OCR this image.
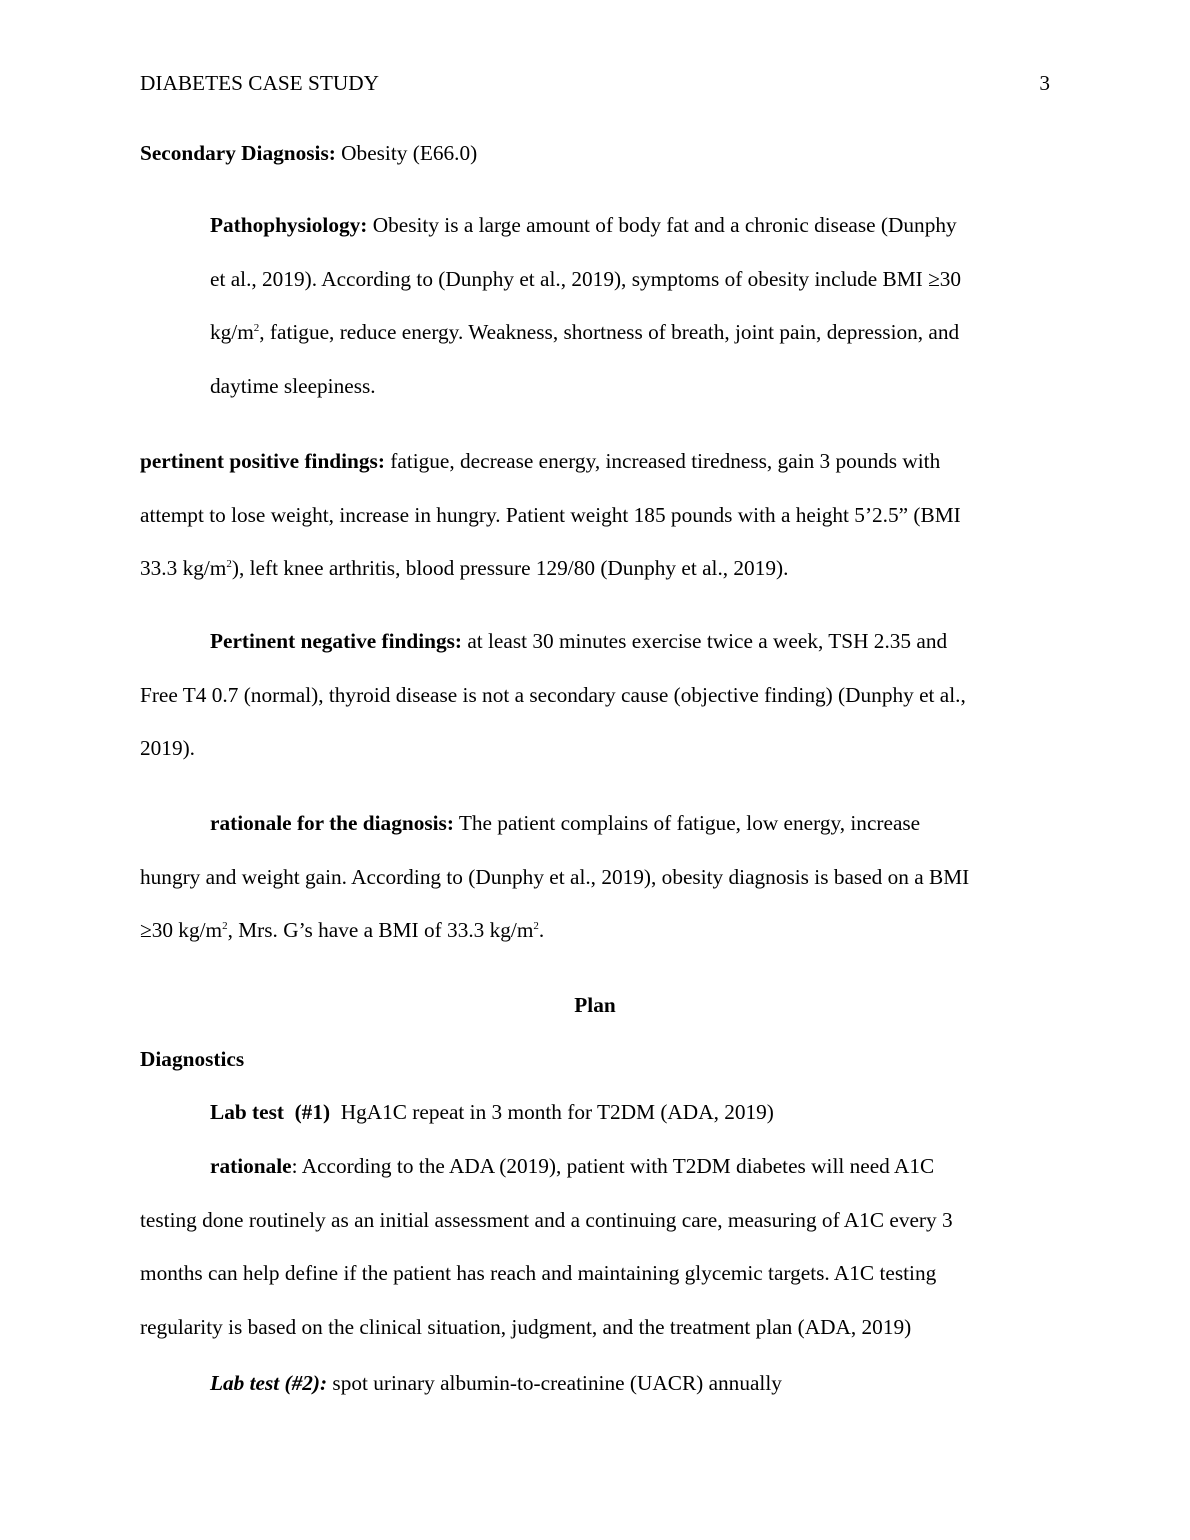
DIABETES CASE STUDY	3
Secondary Diagnosis: Obesity (E66.0)
Pathophysiology: Obesity is a large amount of body fat and a chronic disease (Dunphy
et al., 2019). According to (Dunphy et al., 2019), symptoms of obesity include BMI ≥30
$kg/m^2$, fatigue, reduce energy. Weakness, shortness of breath, joint pain, depression, and
daytime sleepiness.
pertinent positive findings: fatigue, decrease energy, increased tiredness, gain 3 pounds with
attempt to lose weight, increase in hungry. Patient weight 185 pounds with a height 5’2.5” (BMI
33.3 $kg/m^2$), left knee arthritis, blood pressure 129/80 (Dunphy et al., 2019).
Pertinent negative findings: at least 30 minutes exercise twice a week, TSH 2.35 and
Free T4 0.7 (normal), thyroid disease is not a secondary cause (objective finding) (Dunphy et al.,
2019).
rationale for the diagnosis: The patient complains of fatigue, low energy, increase
hungry and weight gain. According to (Dunphy et al., 2019), obesity diagnosis is based on a BMI
≥30 $kg/m^2$, Mrs. G’s have a BMI of 33.3 $kg/m^2$.
Plan
Diagnostics
Lab test  (#1)  HgA1C repeat in 3 month for T2DM (ADA, 2019)
rationale: According to the ADA (2019), patient with T2DM diabetes will need A1C
testing done routinely as an initial assessment and a continuing care, measuring of A1C every 3
months can help define if the patient has reach and maintaining glycemic targets. A1C testing
regularity is based on the clinical situation, judgment, and the treatment plan (ADA, 2019)
Lab test (#2): spot urinary albumin-to-creatinine (UACR) annually
